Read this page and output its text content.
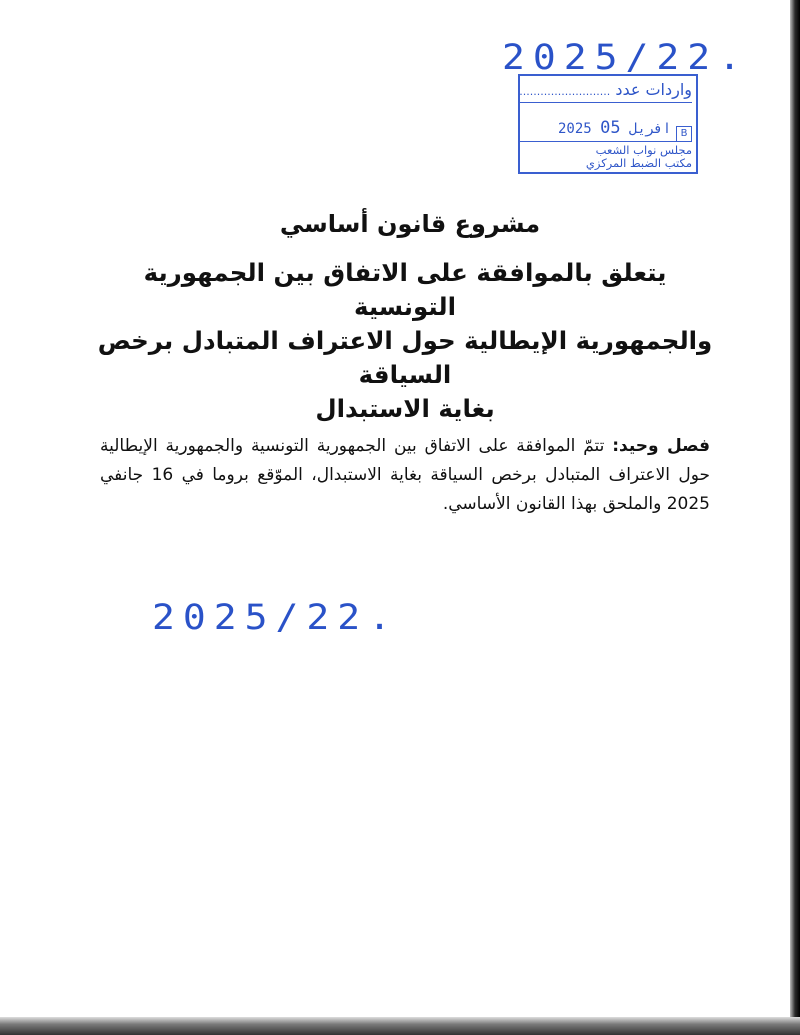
2025/22.
واردات عدد ..........................
2025	افريل 05	B
مجلس نواب الشعب
مكتب الضبط المركزي
مشروع قانون أساسي
يتعلق بالموافقة على الاتفاق بين الجمهورية التونسية
والجمهورية الإيطالية حول الاعتراف المتبادل برخص السياقة
بغاية الاستبدال
فصل وحيد: تتمّ الموافقة على الاتفاق بين الجمهورية التونسية والجمهورية الإيطالية حول الاعتراف المتبادل برخص السياقة بغاية الاستبدال، الموّقع بروما في 16 جانفي 2025 والملحق بهذا القانون الأساسي.
2025/22.
